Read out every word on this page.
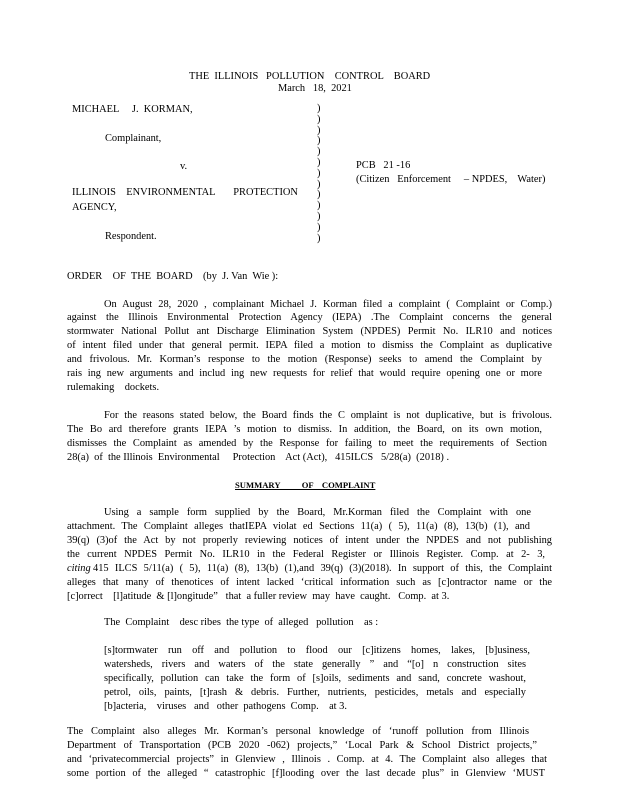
THE  ILLINOIS   POLLUTION    CONTROL    BOARD
March   18,  2021
MICHAEL     J.  KORMAN,
Complainant,
v.
ILLINOIS    ENVIRONMENTAL       PROTECTION
AGENCY,
Respondent.
)
)
)
)
)
)
)
)
)
)
)
)
)
PCB   21 -16
(Citizen   Enforcement     – NPDES,    Water)
ORDER    OF  THE  BOARD    (by  J. Van  Wie ):
On August 28, 2020 , complainant Michael J. Korman filed a complaint ( Complaint or Comp.)
against the Illinois Environmental Protection Agency (IEPA) .The Complaint concerns the general
stormwater National Pollut ant Discharge Elimination System (NPDES) Permit No. ILR10 and notices
of intent filed under that general permit. IEPA filed a motion to dismiss the Complaint as duplicative
and frivolous. Mr. Korman’s response to the motion (Response) seeks to amend the Complaint by
rais ing new arguments and includ ing new requests for relief that would require opening one or more
rulemaking    dockets.
For the reasons stated below, the Board finds the C omplaint is not duplicative, but is frivolous.
The Bo ard therefore grants IEPA ’s motion to dismiss. In addition, the Board, on its own motion,
dismisses the Complaint as amended by the Response for failing to meet the requirements of Section
28(a)  of  the Illinois  Environmental     Protection    Act (Act),   415ILCS   5/28(a)  (2018) .
SUMMARY          OF    COMPLAINT
Using a sample form supplied by the Board, Mr.Korman filed the Complaint with one
attachment. The Complaint alleges thatIEPA violat ed Sections 11(a) ( 5), 11(a) (8), 13(b) (1), and
39(q) (3)of the Act by not properly reviewing notices of intent under the NPDES and not publishing
the current NPDES Permit No. ILR10 in the Federal Register or Illinois Register. Comp. at 2- 3,
citing 415 ILCS 5/11(a) ( 5), 11(a) (8), 13(b) (1),and 39(q) (3)(2018). In support of this, the Complaint
alleges that many of thenotices of intent lacked ‘critical information such as [c]ontractor name or the
[c]orrect    [l]atitude  & [l]ongitude”   that  a fuller review  may  have  caught.   Comp.  at 3.
The  Complaint    desc ribes  the type  of  alleged   pollution    as :
[s]tormwater run off and pollution to flood our [c]itizens homes, lakes, [b]usiness,
watersheds, rivers and waters of the state generally ” and “[o] n construction sites
specifically, pollution can take the form of [s]oils, sediments and sand, concrete washout,
petrol, oils, paints, [t]rash & debris. Further, nutrients, pesticides, metals and especially
[b]acteria,    viruses   and   other  pathogens  Comp.    at 3.
The Complaint also alleges Mr. Korman’s personal knowledge of ‘runoff pollution from Illinois
Department of Transportation (PCB 2020 -062) projects,” ‘Local Park & School District projects,”
and ‘privatecommercial projects” in Glenview , Illinois . Comp. at 4. The Complaint also alleges that
some portion of the alleged “ catastrophic [f]looding over the last decade plus” in Glenview ‘MUST
